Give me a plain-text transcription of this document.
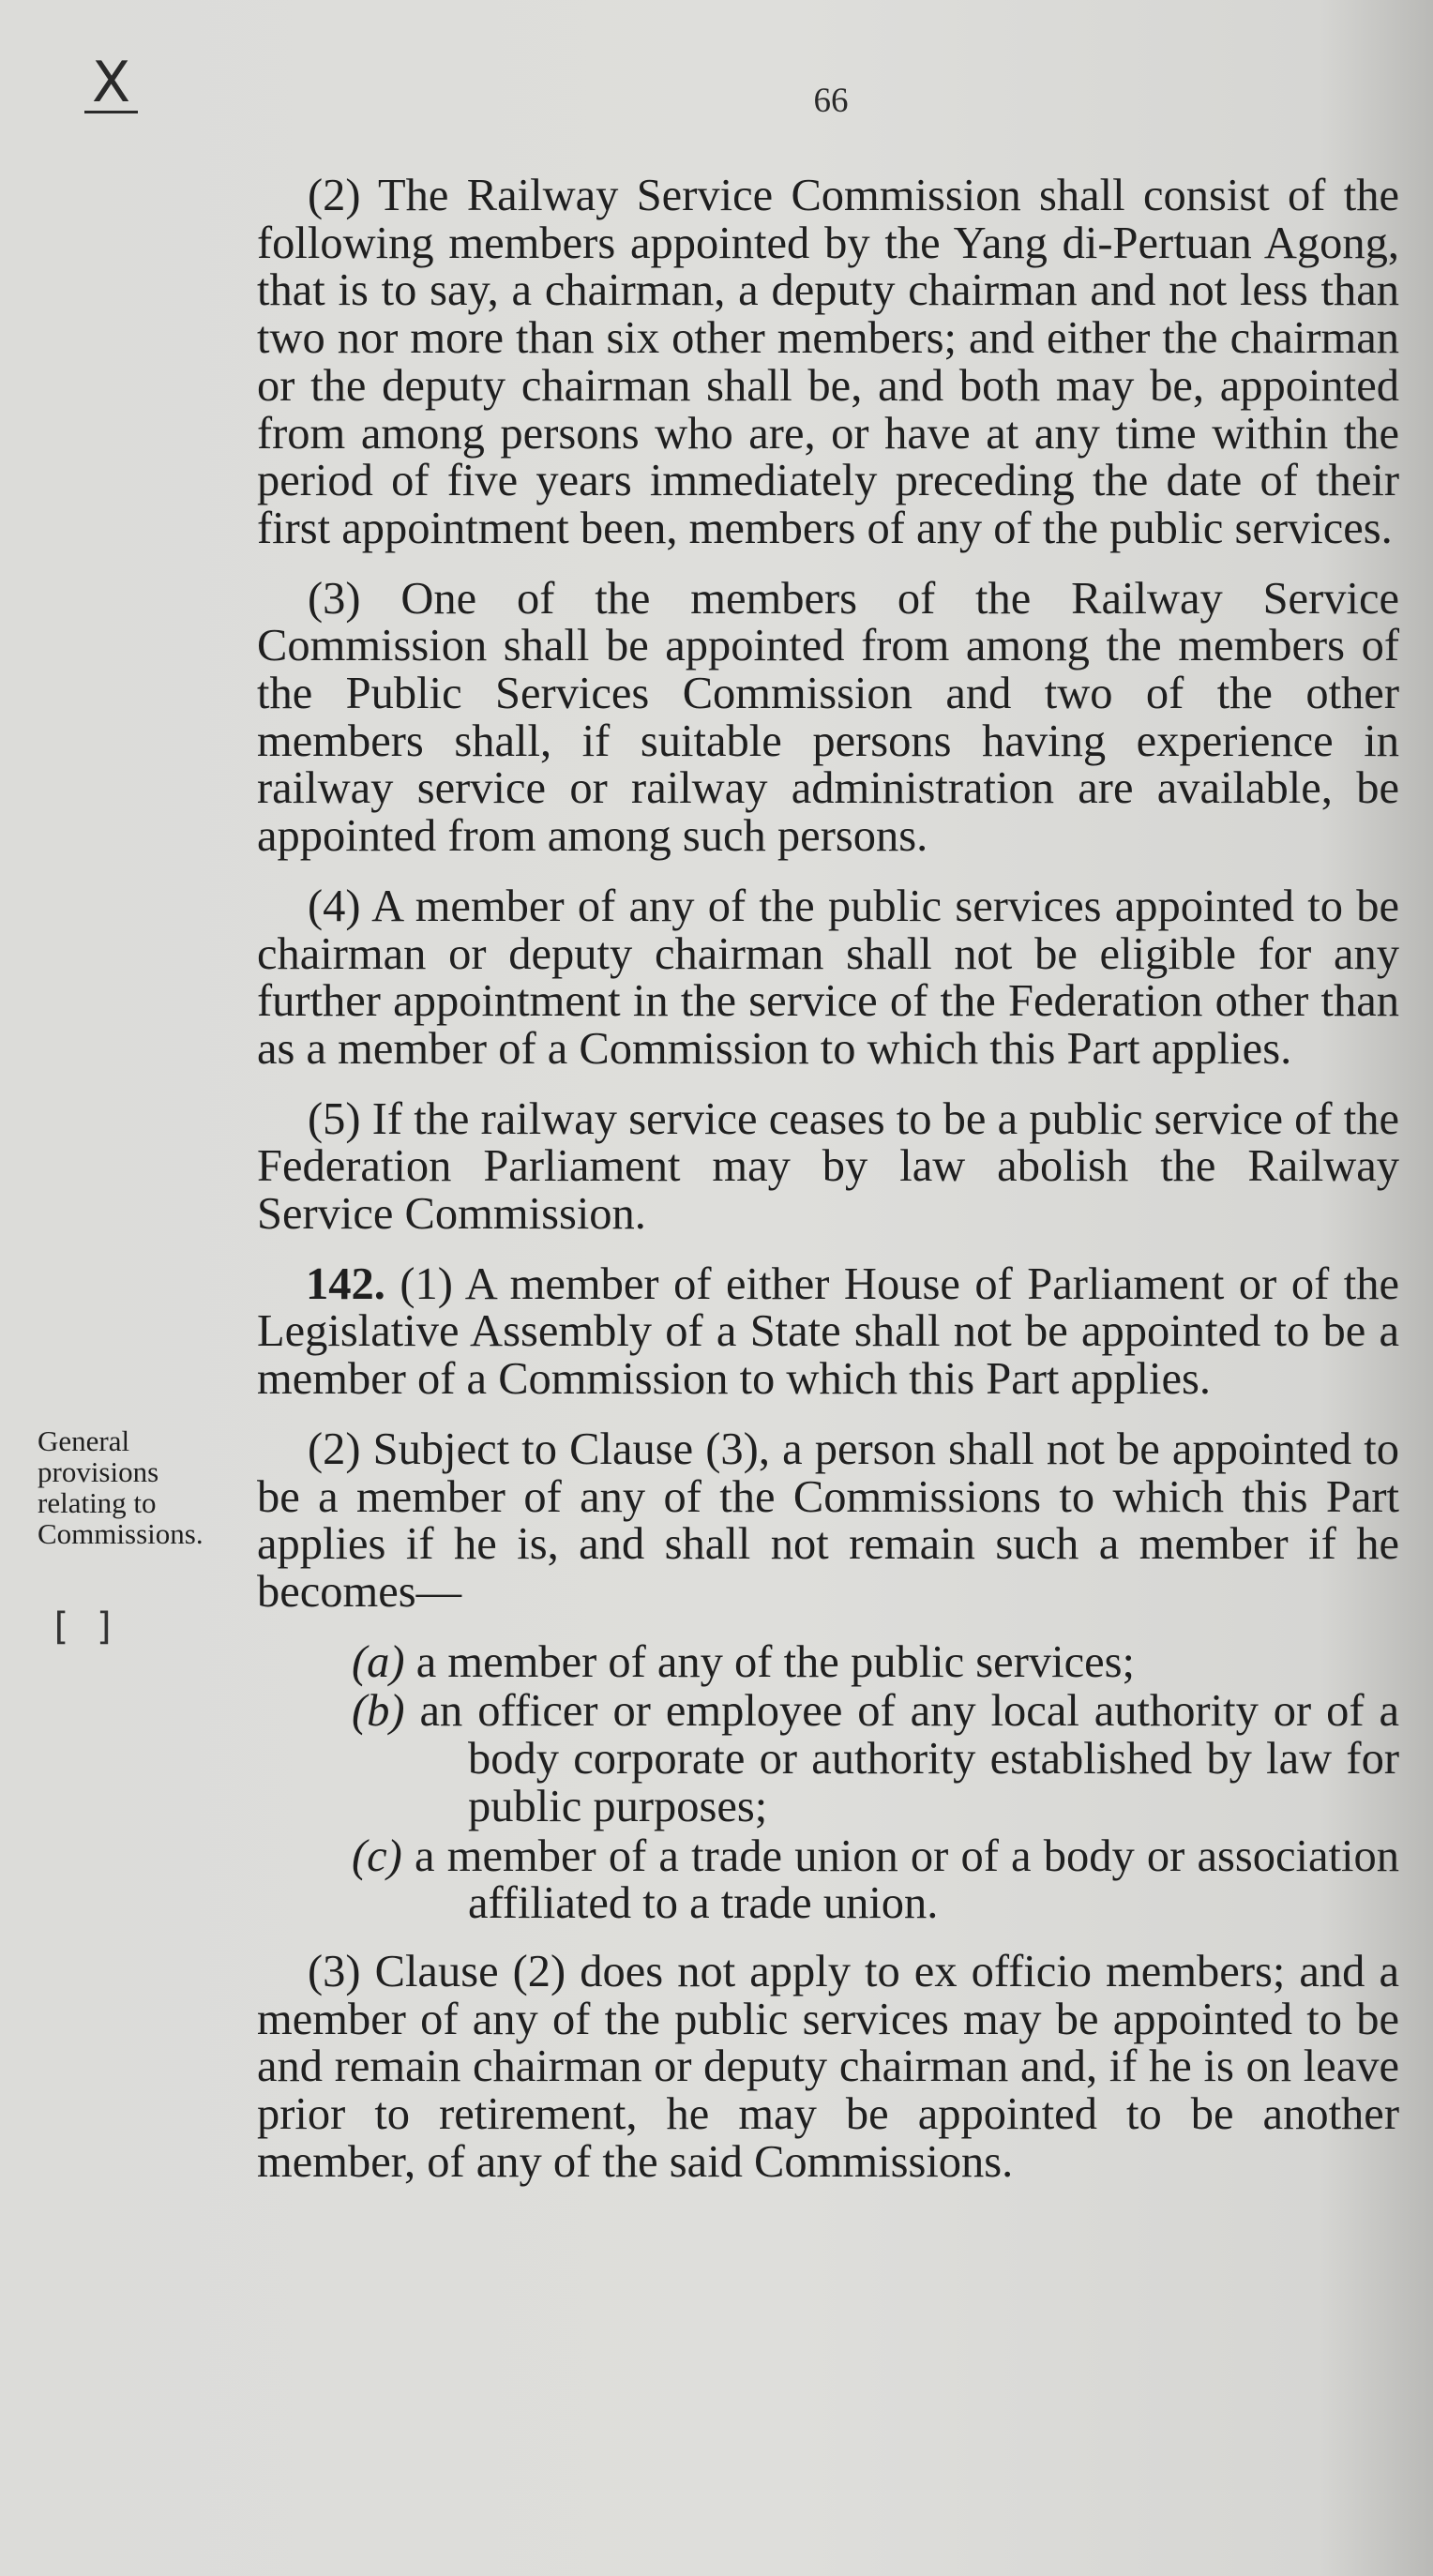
X	66
General provisions relating to Commissions.
[ ]

(2) The Railway Service Commission shall consist of the following members appointed by the Yang di-Pertuan Agong, that is to say, a chairman, a deputy chairman and not less than two nor more than six other members; and either the chairman or the deputy chairman shall be, and both may be, appointed from among persons who are, or have at any time within the period of five years immediately preceding the date of their first appointment been, members of any of the public services.

(3) One of the members of the Railway Service Commission shall be appointed from among the members of the Public Services Commission and two of the other members shall, if suitable persons having experience in railway service or railway administration are available, be appointed from among such persons.

(4) A member of any of the public services appointed to be chairman or deputy chairman shall not be eligible for any further appointment in the service of the Federation other than as a member of a Commission to which this Part applies.

(5) If the railway service ceases to be a public service of the Federation Parliament may by law abolish the Railway Service Commission.

142. (1) A member of either House of Parliament or of the Legislative Assembly of a State shall not be appointed to be a member of a Commission to which this Part applies.

(2) Subject to Clause (3), a person shall not be appointed to be a member of any of the Commissions to which this Part applies if he is, and shall not remain such a member if he becomes—

(a) a member of any of the public services;

(b) an officer or employee of any local authority or of a body corporate or authority established by law for public purposes;

(c) a member of a trade union or of a body or association affiliated to a trade union.

(3) Clause (2) does not apply to ex officio members; and a member of any of the public services may be appointed to be and remain chairman or deputy chairman and, if he is on leave prior to retirement, he may be appointed to be another member, of any of the said Commissions.
